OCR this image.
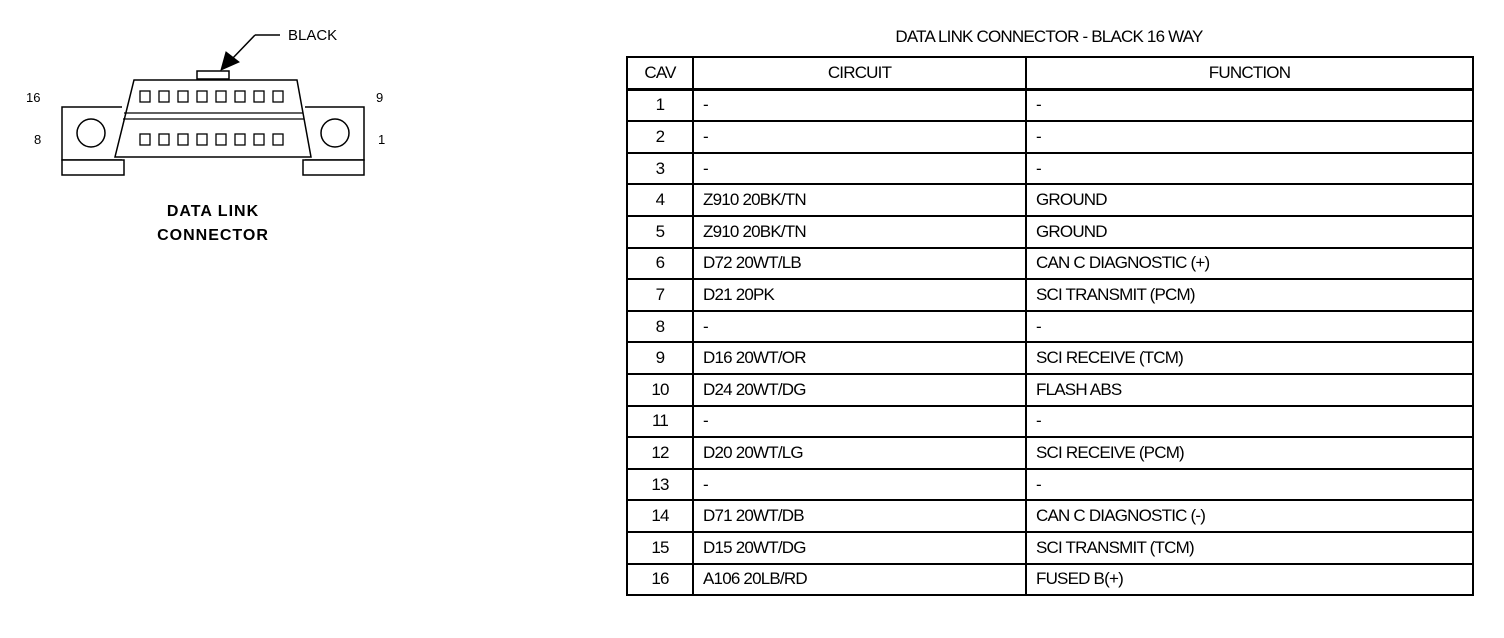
BLACK
16
8
9
1
DATA LINK
CONNECTOR
DATA LINK CONNECTOR - BLACK 16 WAY
CAV	CIRCUIT	FUNCTION
1	-	-
2	-	-
3	-	-
4	Z910 20BK/TN	GROUND
5	Z910 20BK/TN	GROUND
6	D72 20WT/LB	CAN C DIAGNOSTIC (+)
7	D21 20PK	SCI TRANSMIT (PCM)
8	-	-
9	D16 20WT/OR	SCI RECEIVE (TCM)
10	D24 20WT/DG	FLASH ABS
11	-	-
12	D20 20WT/LG	SCI RECEIVE (PCM)
13	-	-
14	D71 20WT/DB	CAN C DIAGNOSTIC (-)
15	D15 20WT/DG	SCI TRANSMIT (TCM)
16	A106 20LB/RD	FUSED B(+)
